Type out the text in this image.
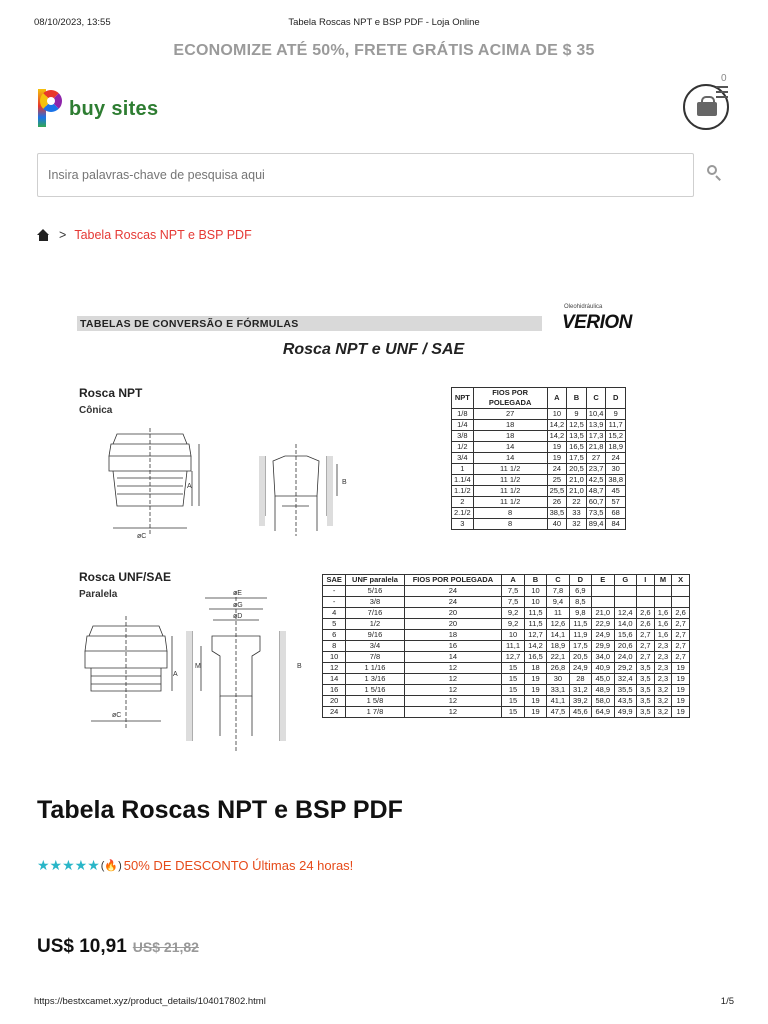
08/10/2023, 13:55	Tabela Roscas NPT e BSP PDF - Loja Online
ECONOMIZE ATÉ 50%, FRETE GRÁTIS ACIMA DE $ 35
buy sites
0
Insira palavras-chave de pesquisa aqui
> Tabela Roscas NPT e BSP PDF
TABELAS DE CONVERSÃO E FÓRMULAS
Oleohidráulica
VERION
Rosca NPT e UNF / SAE
Rosca NPT
Cônica
Rosca UNF/SAE
Paralela
A
B
øC
A
M	B
øC
øE
øG
øD
NPT	FIOS POR POLEGADA	A	B	C	D
1/8	27	10	9	10,4	9
1/4	18	14,2	12,5	13,9	11,7
3/8	18	14,2	13,5	17,3	15,2
1/2	14	19	16,5	21,8	18,9
3/4	14	19	17,5	27	24
1	11 1/2	24	20,5	23,7	30
1.1/4	11 1/2	25	21,0	42,5	38,8
1.1/2	11 1/2	25,5	21,0	48,7	45
2	11 1/2	26	22	60,7	57
2.1/2	8	38,5	33	73,5	68
3	8	40	32	89,4	84
SAE	UNF paralela	FIOS POR POLEGADA	A	B	C	D	E	G	I	M	X
-	5/16	24	7,5	10	7,8	6,9					
-	3/8	24	7,5	10	9,4	8,5					
4	7/16	20	9,2	11,5	11	9,8	21,0	12,4	2,6	1,6	2,6
5	1/2	20	9,2	11,5	12,6	11,5	22,9	14,0	2,6	1,6	2,7
6	9/16	18	10	12,7	14,1	11,9	24,9	15,6	2,7	1,6	2,7
8	3/4	16	11,1	14,2	18,9	17,5	29,9	20,6	2,7	2,3	2,7
10	7/8	14	12,7	16,5	22,1	20,5	34,0	24,0	2,7	2,3	2,7
12	1 1/16	12	15	18	26,8	24,9	40,9	29,2	3,5	2,3	19
14	1 3/16	12	15	19	30	28	45,0	32,4	3,5	2,3	19
16	1 5/16	12	15	19	33,1	31,2	48,9	35,5	3,5	3,2	19
20	1 5/8	12	15	19	41,1	39,2	58,0	43,5	3,5	3,2	19
24	1 7/8	12	15	19	47,5	45,6	64,9	49,9	3,5	3,2	19
Tabela Roscas NPT e BSP PDF
★★★★★ (🔥) 50% DE DESCONTO Últimas 24 horas!
US$ 10,91 US$ 21,82
https://bestxcamet.xyz/product_details/104017802.html	1/5
